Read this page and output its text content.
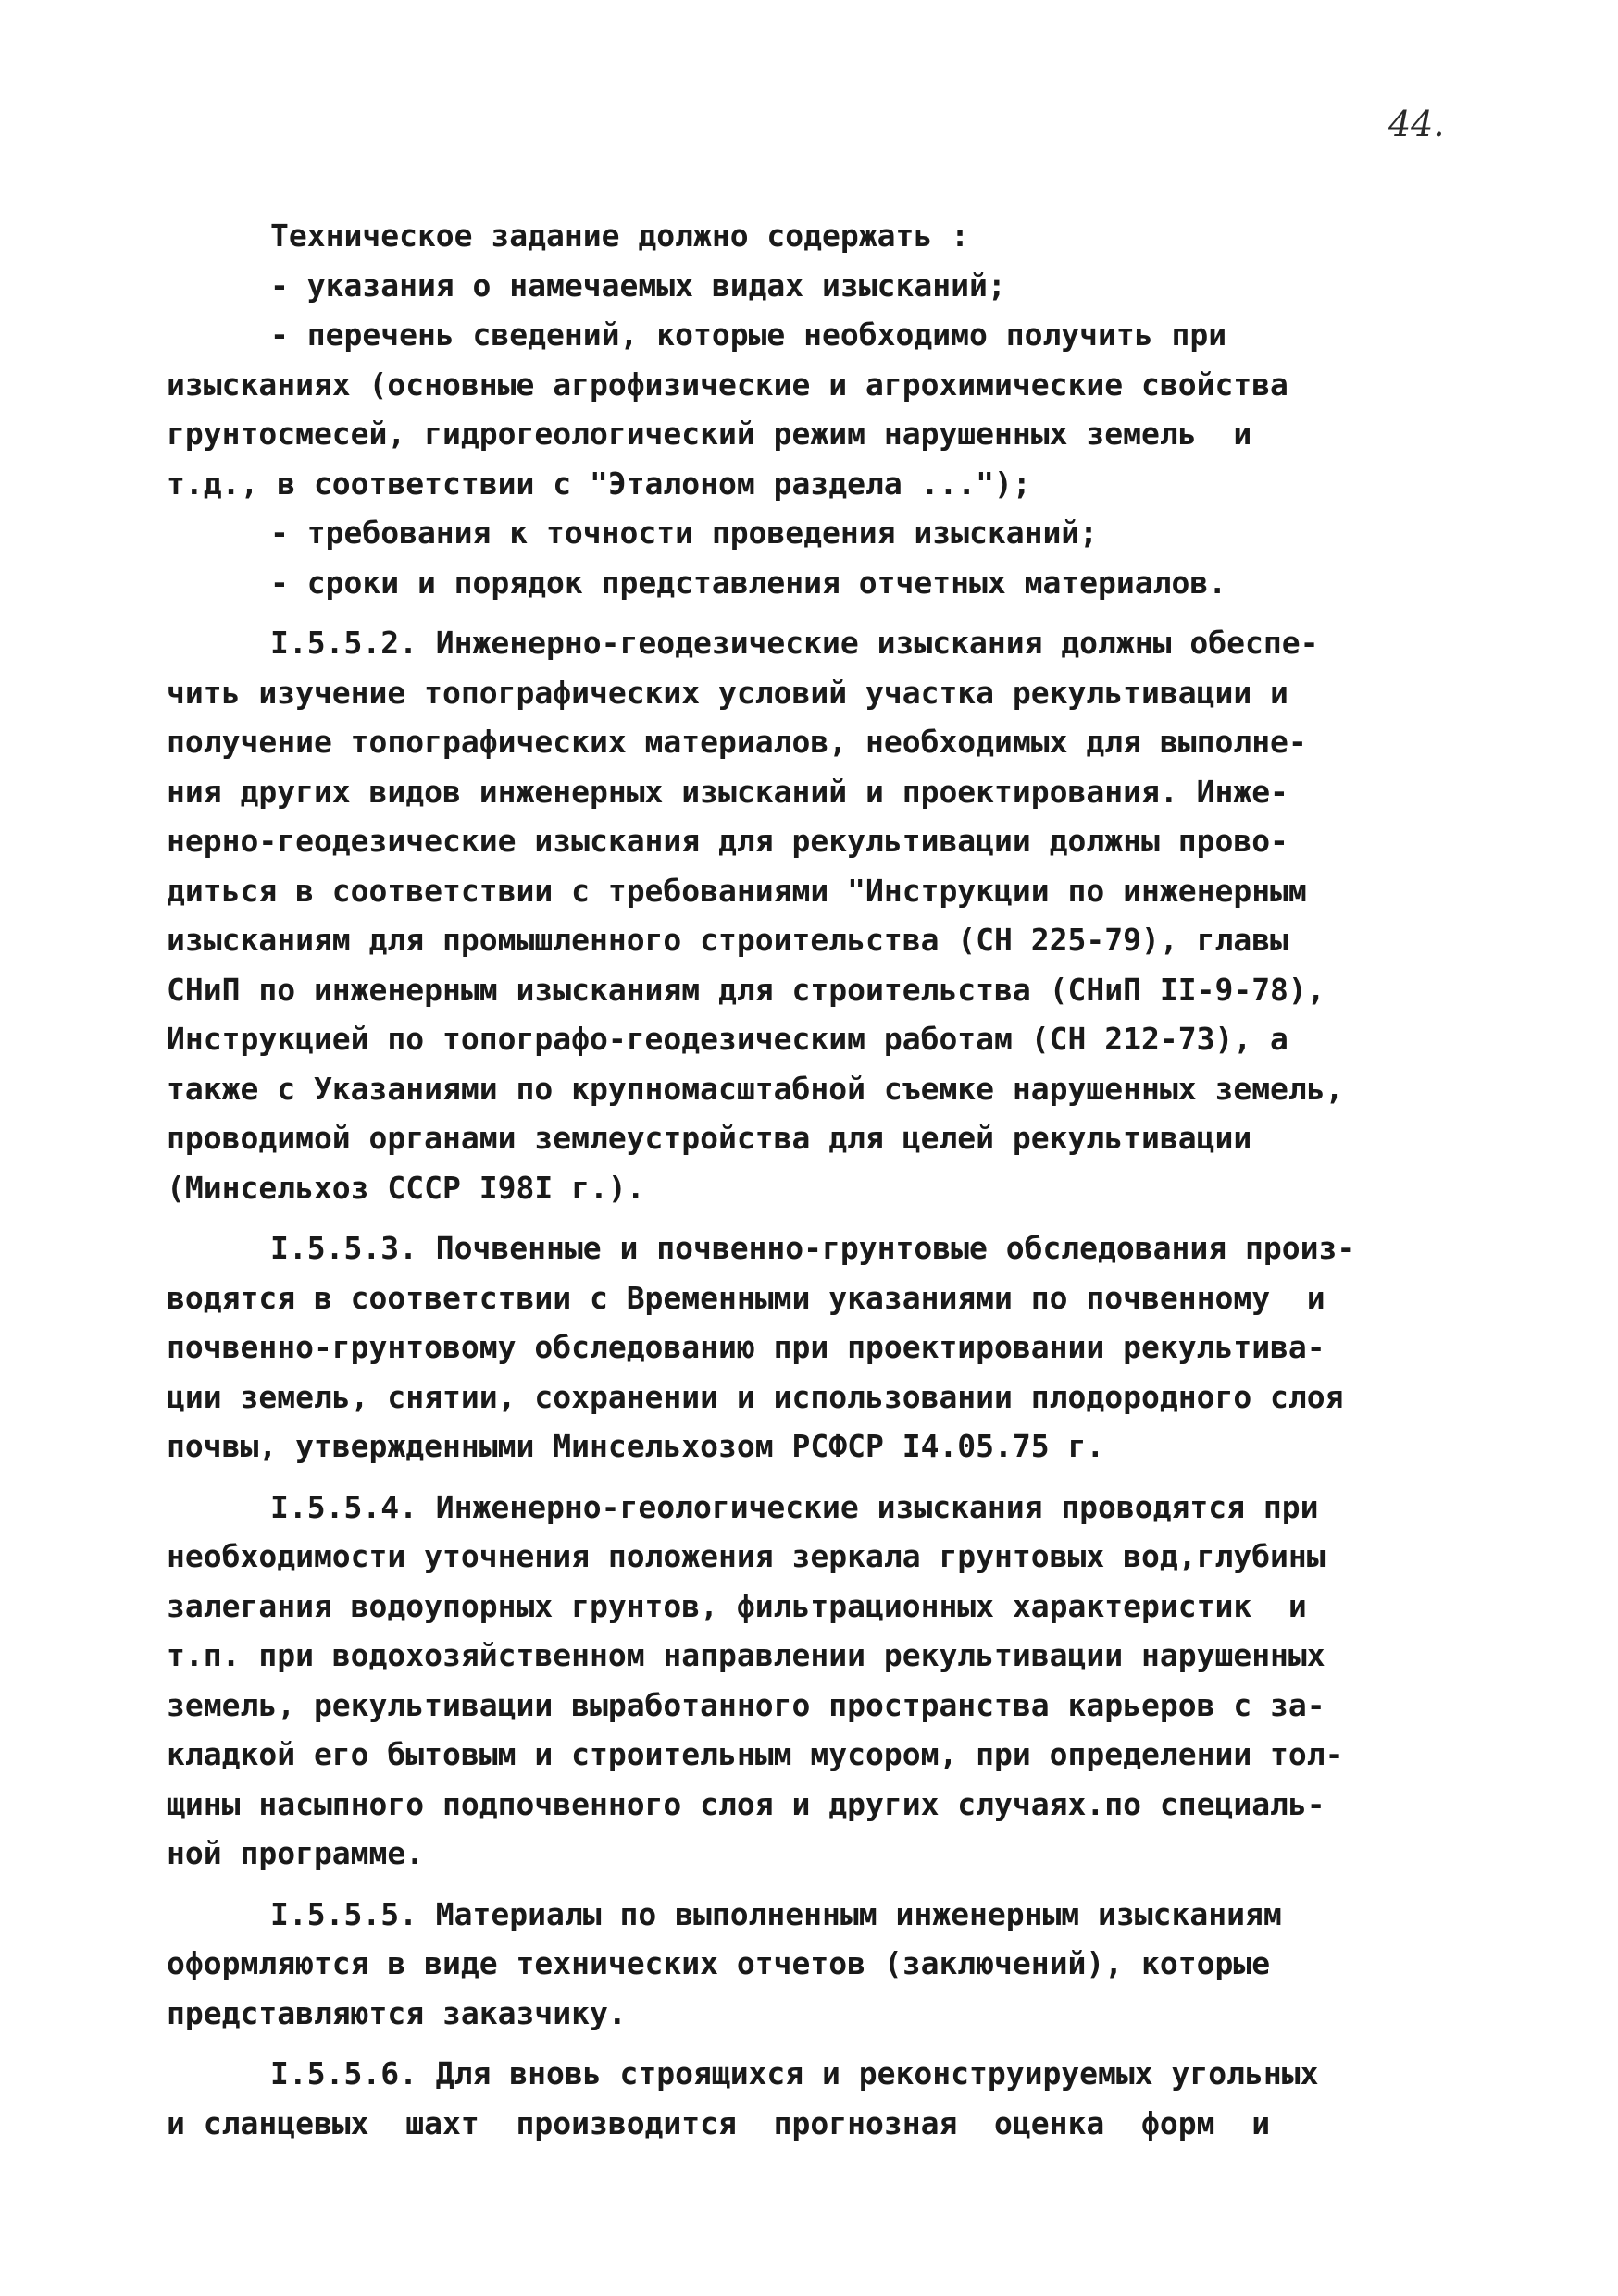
44.
Техническое задание должно содержать :
- указания о намечаемых видах изысканий;
- перечень сведений, которые необходимо получить при
изысканиях (основные агрофизические и агрохимические свойства
грунтосмесей, гидрогеологический режим нарушенных земель  и
т.д., в соответствии с "Эталоном раздела ...");
- требования к точности проведения изысканий;
- сроки и порядок представления отчетных материалов.
I.5.5.2. Инженерно-геодезические изыскания должны обеспе-
чить изучение топографических условий участка рекультивации и
получение топографических материалов, необходимых для выполне-
ния других видов инженерных изысканий и проектирования. Инже-
нерно-геодезические изыскания для рекультивации должны прово-
диться в соответствии с требованиями "Инструкции по инженерным
изысканиям для промышленного строительства (СН 225-79), главы
СНиП по инженерным изысканиям для строительства (СНиП II-9-78),
Инструкцией по топографо-геодезическим работам (СН 212-73), а
также с Указаниями по крупномасштабной съемке нарушенных земель,
проводимой органами землеустройства для целей рекультивации
(Минсельхоз СССР I98I г.).
I.5.5.3. Почвенные и почвенно-грунтовые обследования произ-
водятся в соответствии с Временными указаниями по почвенному  и
почвенно-грунтовому обследованию при проектировании рекультива-
ции земель, снятии, сохранении и использовании плодородного слоя
почвы, утвержденными Минсельхозом РСФСР I4.05.75 г.
I.5.5.4. Инженерно-геологические изыскания проводятся при
необходимости уточнения положения зеркала грунтовых вод,глубины
залегания водоупорных грунтов, фильтрационных характеристик  и
т.п. при водохозяйственном направлении рекультивации нарушенных
земель, рекультивации выработанного пространства карьеров с за-
кладкой его бытовым и строительным мусором, при определении тол-
щины насыпного подпочвенного слоя и других случаях.по специаль-
ной программе.
I.5.5.5. Материалы по выполненным инженерным изысканиям
оформляются в виде технических отчетов (заключений), которые
представляются заказчику.
I.5.5.6. Для вновь строящихся и реконструируемых угольных
и сланцевых  шахт  производится  прогнозная  оценка  форм  и
